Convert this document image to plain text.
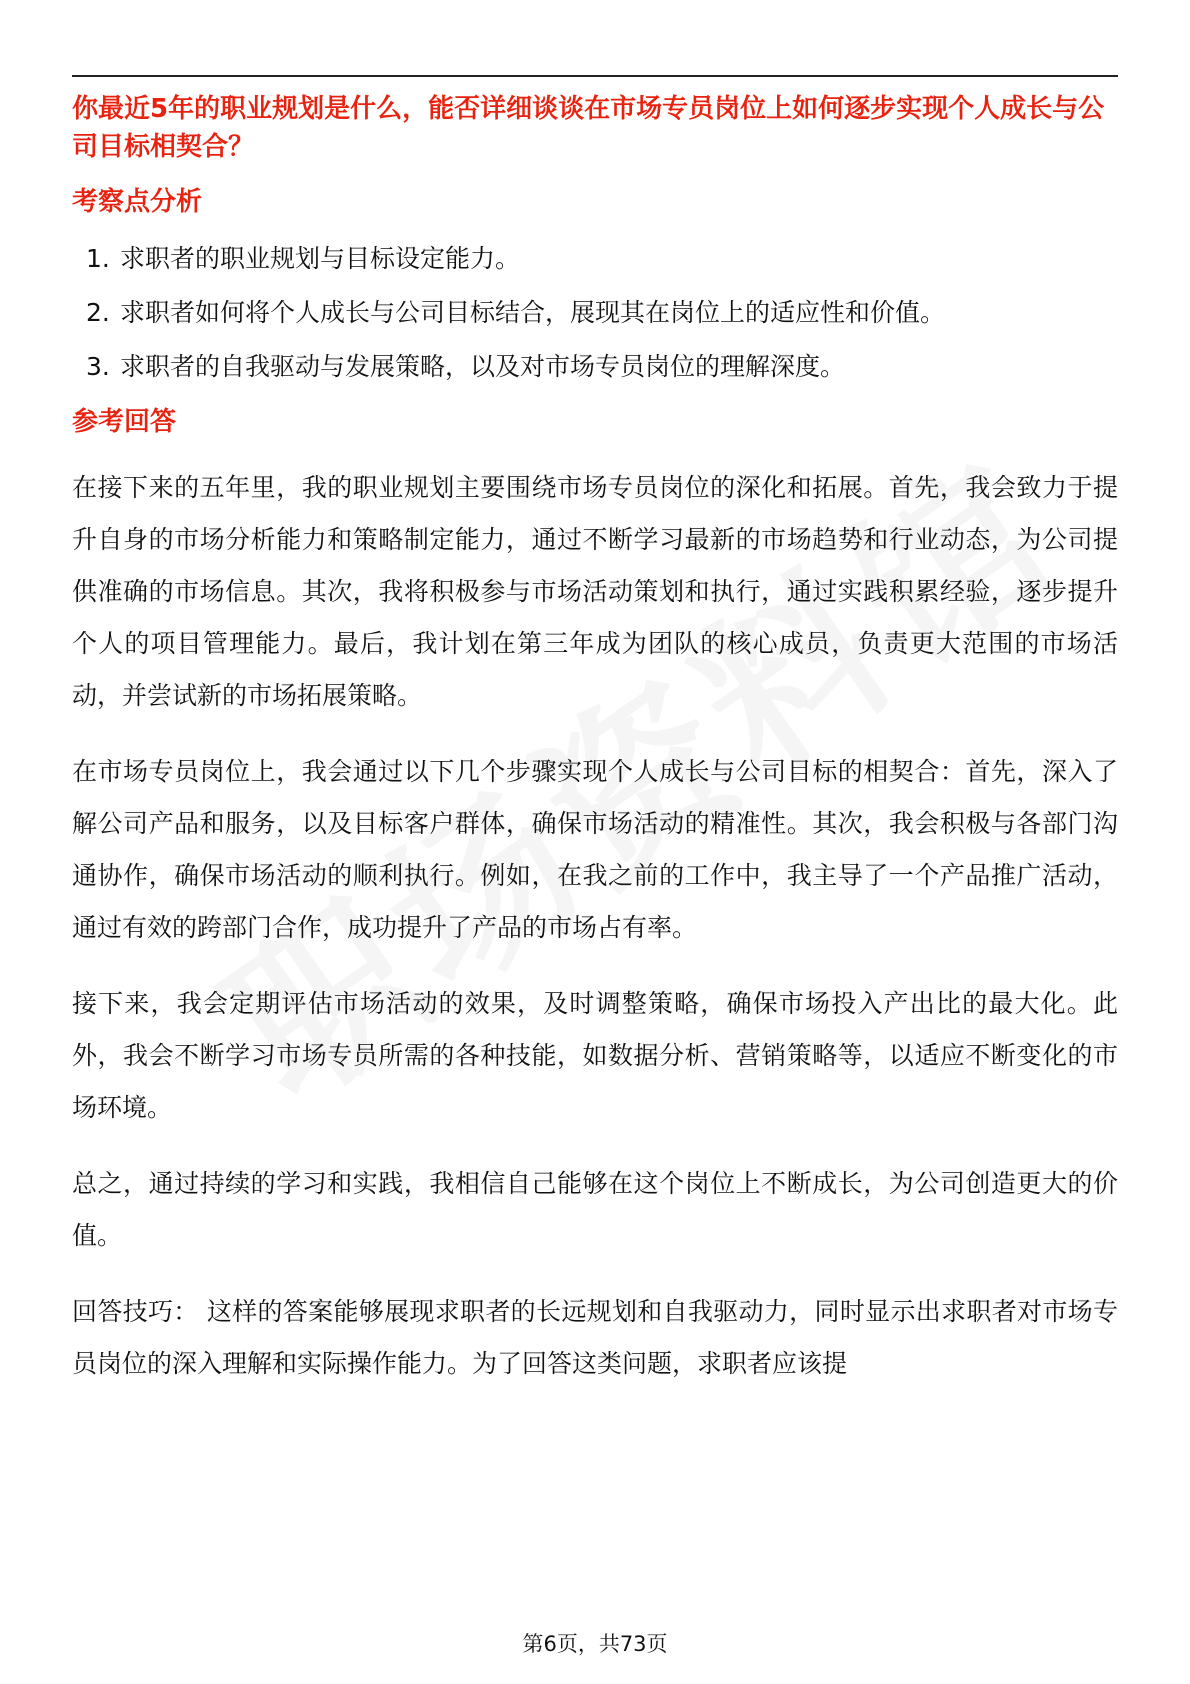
你最近5年的职业规划是什么，能否详细谈谈在市场专员岗位上如何逐步实现个人成长与公司目标相契合？
考察点分析
1. 求职者的职业规划与目标设定能力。
2. 求职者如何将个人成长与公司目标结合，展现其在岗位上的适应性和价值。
3. 求职者的自我驱动与发展策略，以及对市场专员岗位的理解深度。
参考回答

在接下来的五年里，我的职业规划主要围绕市场专员岗位的深化和拓展。首先，我会致力于提升自身的市场分析能力和策略制定能力，通过不断学习最新的市场趋势和行业动态，为公司提供准确的市场信息。其次，我将积极参与市场活动策划和执行，通过实践积累经验，逐步提升个人的项目管理能力。最后，我计划在第三年成为团队的核心成员，负责更大范围的市场活动，并尝试新的市场拓展策略。

在市场专员岗位上，我会通过以下几个步骤实现个人成长与公司目标的相契合：首先，深入了解公司产品和服务，以及目标客户群体，确保市场活动的精准性。其次，我会积极与各部门沟通协作，确保市场活动的顺利执行。例如，在我之前的工作中，我主导了一个产品推广活动，通过有效的跨部门合作，成功提升了产品的市场占有率。

接下来，我会定期评估市场活动的效果，及时调整策略，确保市场投入产出比的最大化。此外，我会不断学习市场专员所需的各种技能，如数据分析、营销策略等，以适应不断变化的市场环境。

总之，通过持续的学习和实践，我相信自己能够在这个岗位上不断成长，为公司创造更大的价值。

回答技巧： 这样的答案能够展现求职者的长远规划和自我驱动力，同时显示出求职者对市场专员岗位的深入理解和实际操作能力。为了回答这类问题，求职者应该提

第6页，共73页
